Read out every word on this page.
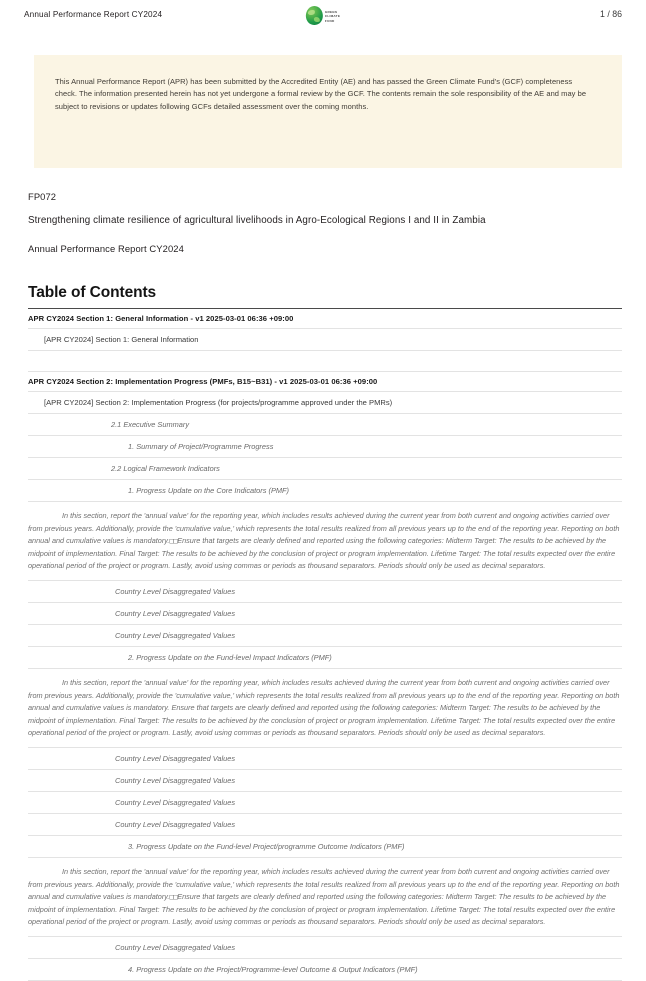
Annual Performance Report CY2024	GREEN
CLIMATE
FUND
1 / 86
This Annual Performance Report (APR) has been submitted by the Accredited Entity (AE) and has passed the Green Climate Fund's (GCF) completeness check. The information presented herein has not yet undergone a formal review by the GCF. The contents remain the sole responsibility of the AE and may be subject to revisions or updates following GCFs detailed assessment over the coming months.
FP072
Strengthening climate resilience of agricultural livelihoods in Agro-Ecological Regions I and II in Zambia
Annual Performance Report CY2024
Table of Contents
APR CY2024 Section 1: General Information - v1 2025-03-01 06:36 +09:00
[APR CY2024] Section 1: General Information
APR CY2024 Section 2: Implementation Progress (PMFs, B15~B31) - v1 2025-03-01 06:36 +09:00
[APR CY2024] Section 2: Implementation Progress (for projects/programme approved under the PMRs)
2.1 Executive Summary
1. Summary of Project/Programme Progress
2.2 Logical Framework Indicators
1. Progress Update on the Core Indicators (PMF)
In this section, report the 'annual value' for the reporting year, which includes results achieved during the current year from both current and ongoing activities carried over from previous years. Additionally, provide the 'cumulative value,' which represents the total results realized from all previous years up to the end of the reporting year. Reporting on both annual and cumulative values is mandatory.□□Ensure that targets are clearly defined and reported using the following categories: Midterm Target: The results to be achieved by the midpoint of implementation. Final Target: The results to be achieved by the conclusion of project or program implementation. Lifetime Target: The total results expected over the entire operational period of the project or program. Lastly, avoid using commas or periods as thousand separators. Periods should only be used as decimal separators.
Country Level Disaggregated Values
Country Level Disaggregated Values
Country Level Disaggregated Values
2. Progress Update on the Fund-level Impact Indicators (PMF)
In this section, report the 'annual value' for the reporting year, which includes results achieved during the current year from both current and ongoing activities carried over from previous years. Additionally, provide the 'cumulative value,' which represents the total results realized from all previous years up to the end of the reporting year. Reporting on both annual and cumulative values is mandatory. Ensure that targets are clearly defined and reported using the following categories: Midterm Target: The results to be achieved by the midpoint of implementation. Final Target: The results to be achieved by the conclusion of project or program implementation. Lifetime Target: The total results expected over the entire operational period of the project or program. Lastly, avoid using commas or periods as thousand separators. Periods should only be used as decimal separators.
Country Level Disaggregated Values
Country Level Disaggregated Values
Country Level Disaggregated Values
Country Level Disaggregated Values
3. Progress Update on the Fund-level Project/programme Outcome Indicators (PMF)
In this section, report the 'annual value' for the reporting year, which includes results achieved during the current year from both current and ongoing activities carried over from previous years. Additionally, provide the 'cumulative value,' which represents the total results realized from all previous years up to the end of the reporting year. Reporting on both annual and cumulative values is mandatory.□□Ensure that targets are clearly defined and reported using the following categories: Midterm Target: The results to be achieved by the midpoint of implementation. Final Target: The results to be achieved by the conclusion of project or program implementation. Lifetime Target: The total results expected over the entire operational period of the project or program. Lastly, avoid using commas or periods as thousand separators. Periods should only be used as decimal separators.
Country Level Disaggregated Values
4. Progress Update on the Project/Programme-level Outcome & Output Indicators (PMF)
